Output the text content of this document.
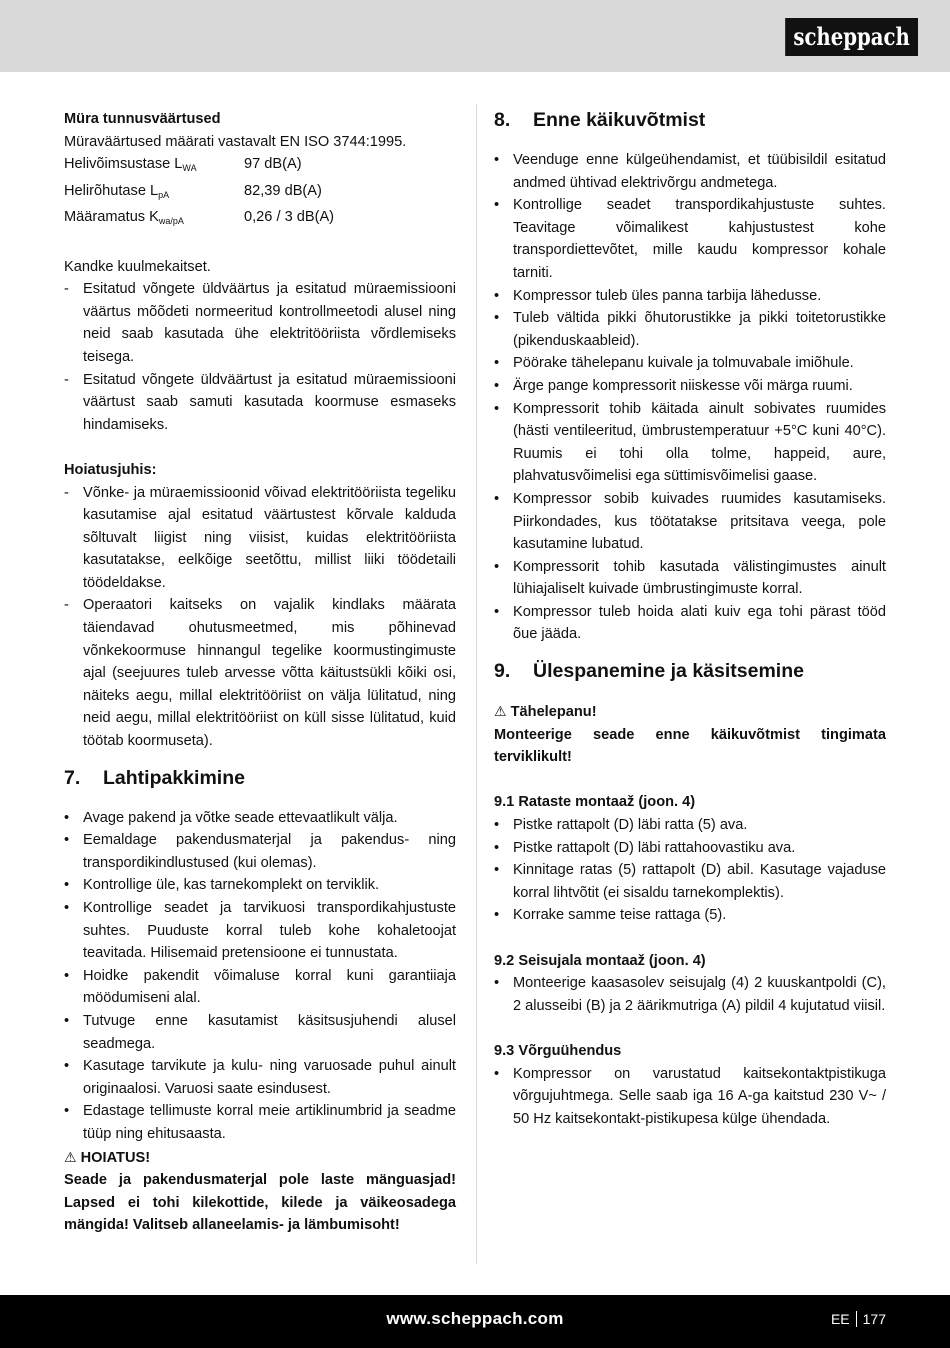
scheppach

Müra tunnusväärtused

Müraväärtused määrati vastavalt EN ISO 3744:1995.

Helivõimsustase $L_{WA}$	97 dB(A)
Helirõhutase $L_{pA}$	82,39 dB(A)
Määramatus $K_{wa/pA}$	0,26 / 3 dB(A)

Kandke kuulmekaitset.

- Esitatud võngete üldväärtus ja esitatud müraemissiooni väärtus mõõdeti normeeritud kontrollmeetodi alusel ning neid saab kasutada ühe elektritööriista võrdlemiseks teisega.
- Esitatud võngete üldväärtust ja esitatud müraemissiooni väärtust saab samuti kasutada koormuse esmaseks hindamiseks.

Hoiatusjuhis:

- Võnke- ja müraemissioonid võivad elektritööriista tegeliku kasutamise ajal esitatud väärtustest kõrvale kalduda sõltuvalt liigist ning viisist, kuidas elektritööriista kasutatakse, eelkõige seetõttu, millist liiki töödetaili töödeldakse.
- Operaatori kaitseks on vajalik kindlaks määrata täiendavad ohutusmeetmed, mis põhinevad võnkekoormuse hinnangul tegelike koormustingimuste ajal (seejuures tuleb arvesse võtta käitustsükli kõiki osi, näiteks aegu, millal elektritööriist on välja lülitatud, ning neid aegu, millal elektritööriist on küll sisse lülitatud, kuid töötab koormuseta).
7.	Lahtipakkimine
• Avage pakend ja võtke seade ettevaatlikult välja.
• Eemaldage pakendusmaterjal ja pakendus- ning transpordikindlustused (kui olemas).
• Kontrollige üle, kas tarnekomplekt on terviklik.
• Kontrollige seadet ja tarvikuosi transpordikahjustuste suhtes. Puuduste korral tuleb kohe kohaletoojat teavitada. Hilisemaid pretensioone ei tunnustata.
• Hoidke pakendit võimaluse korral kuni garantiiaja möödumiseni alal.
• Tutvuge enne kasutamist käsitsusjuhendi alusel seadmega.
• Kasutage tarvikute ja kulu- ning varuosade puhul ainult originaalosi. Varuosi saate esindusest.
• Edastage tellimuste korral meie artiklinumbrid ja seadme tüüp ning ehitusaasta.

⚠ HOIATUS!

Seade ja pakendusmaterjal pole laste mänguasjad! Lapsed ei tohi kilekottide, kilede ja väikeosadega mängida! Valitseb allaneelamis- ja lämbumisoht!

8.	Enne käikuvõtmist
• Veenduge enne külgeühendamist, et tüübisildil esitatud andmed ühtivad elektrivõrgu andmetega.
• Kontrollige seadet transpordikahjustuste suhtes. Teavitage võimalikest kahjustustest kohe transpordiettevõtet, mille kaudu kompressor kohale tarniti.
• Kompressor tuleb üles panna tarbija lähedusse.
• Tuleb vältida pikki õhutorustikke ja pikki toitetorustikke (pikenduskaableid).
• Pöörake tähelepanu kuivale ja tolmuvabale imiõhule.
• Ärge pange kompressorit niiskesse või märga ruumi.
• Kompressorit tohib käitada ainult sobivates ruumides (hästi ventileeritud, ümbrustemperatuur +5°C kuni 40°C). Ruumis ei tohi olla tolme, happeid, aure, plahvatusvõimelisi ega süttimisvõimelisi gaase.
• Kompressor sobib kuivades ruumides kasutamiseks. Piirkondades, kus töötatakse pritsitava veega, pole kasutamine lubatud.
• Kompressorit tohib kasutada välistingimustes ainult lühiajaliselt kuivade ümbrustingimuste korral.
• Kompressor tuleb hoida alati kuiv ega tohi pärast tööd õue jääda.
9.	Ülespanemine ja käsitsemine

⚠ Tähelepanu!

Monteerige seade enne käikuvõtmist tingimata terviklikult!

9.1 Rataste montaaž (joon. 4)

• Pistke rattapolt (D) läbi ratta (5) ava.
• Pistke rattapolt (D) läbi rattahoovastiku ava.
• Kinnitage ratas (5) rattapolt (D) abil. Kasutage vajaduse korral lihtvõtit (ei sisaldu tarnekomplektis).
• Korrake samme teise rattaga (5).

9.2 Seisujala montaaž (joon. 4)

• Monteerige kaasasolev seisujalg (4) 2 kuuskantpoldi (C), 2 alusseibi (B) ja 2 äärikmutriga (A) pildil 4 kujutatud viisil.

9.3 Võrguühendus

• Kompressor on varustatud kaitsekontaktpistikuga võrgujuhtmega. Selle saab iga 16 A-ga kaitstud 230 V~ / 50 Hz kaitsekontakt-pistikupesa külge ühendada.
www.scheppach.com	EE 177
